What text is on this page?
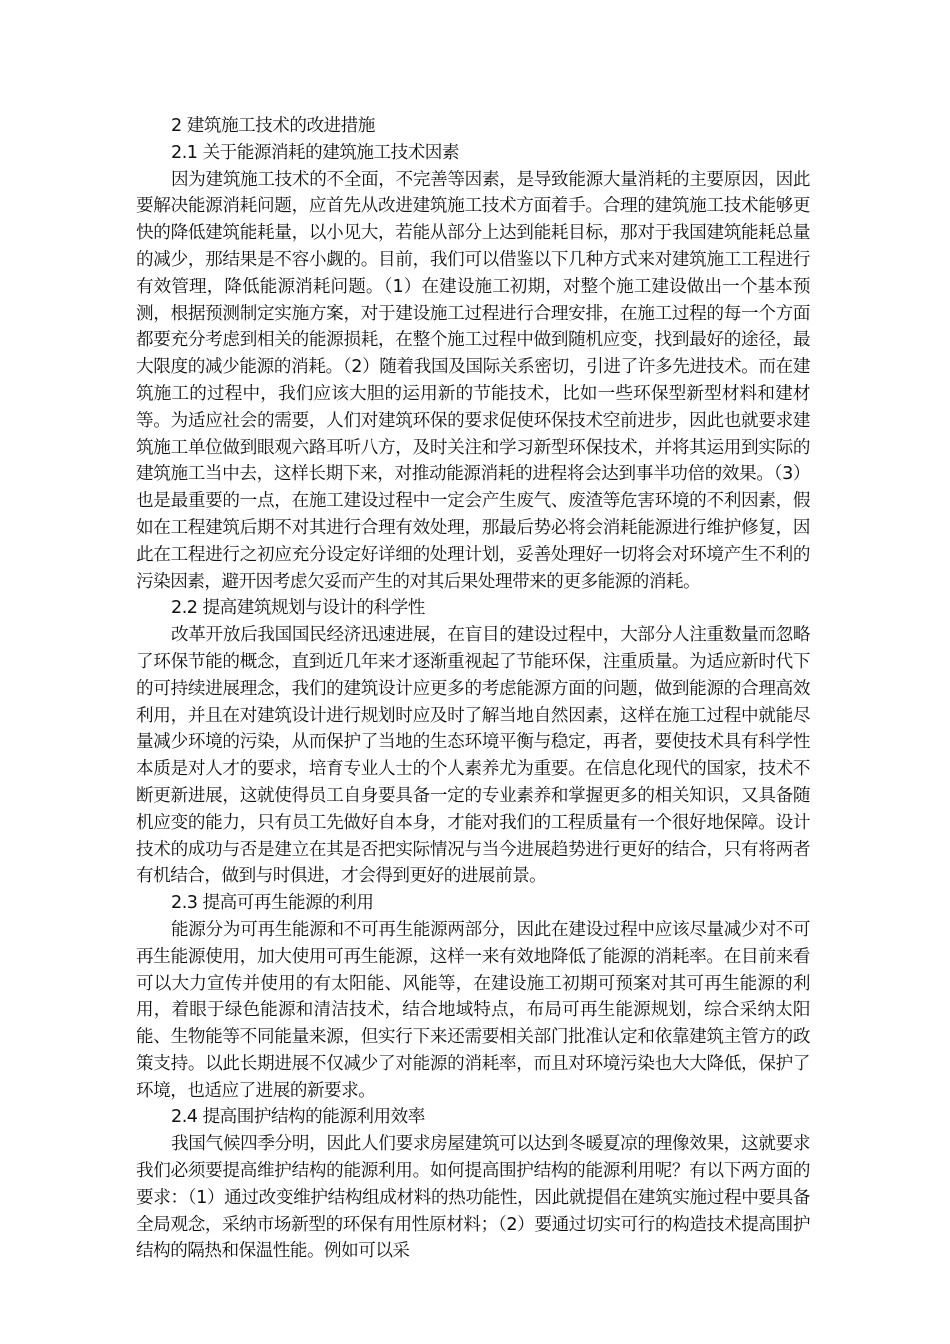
2 建筑施工技术的改进措施
2.1 关于能源消耗的建筑施工技术因素

因为建筑施工技术的不全面，不完善等因素，是导致能源大量消耗的主要原因，因此要解决能源消耗问题，应首先从改进建筑施工技术方面着手。合理的建筑施工技术能够更快的降低建筑能耗量，以小见大，若能从部分上达到能耗目标，那对于我国建筑能耗总量的减少，那结果是不容小觑的。目前，我们可以借鉴以下几种方式来对建筑施工工程进行有效管理，降低能源消耗问题。（1）在建设施工初期，对整个施工建设做出一个基本预测，根据预测制定实施方案，对于建设施工过程进行合理安排，在施工过程的每一个方面都要充分考虑到相关的能源损耗，在整个施工过程中做到随机应变，找到最好的途径，最大限度的减少能源的消耗。（2）随着我国及国际关系密切，引进了许多先进技术。而在建筑施工的过程中，我们应该大胆的运用新的节能技术，比如一些环保型新型材料和建材等。为适应社会的需要，人们对建筑环保的要求促使环保技术空前进步，因此也就要求建筑施工单位做到眼观六路耳听八方，及时关注和学习新型环保技术，并将其运用到实际的建筑施工当中去，这样长期下来，对推动能源消耗的进程将会达到事半功倍的效果。（3）也是最重要的一点，在施工建设过程中一定会产生废气、废渣等危害环境的不利因素，假如在工程建筑后期不对其进行合理有效处理，那最后势必将会消耗能源进行维护修复，因此在工程进行之初应充分设定好详细的处理计划，妥善处理好一切将会对环境产生不利的污染因素，避开因考虑欠妥而产生的对其后果处理带来的更多能源的消耗。

2.2 提高建筑规划与设计的科学性

改革开放后我国国民经济迅速进展，在盲目的建设过程中，大部分人注重数量而忽略了环保节能的概念，直到近几年来才逐渐重视起了节能环保，注重质量。为适应新时代下的可持续进展理念，我们的建筑设计应更多的考虑能源方面的问题，做到能源的合理高效利用，并且在对建筑设计进行规划时应及时了解当地自然因素，这样在施工过程中就能尽量减少环境的污染，从而保护了当地的生态环境平衡与稳定，再者，要使技术具有科学性本质是对人才的要求，培育专业人士的个人素养尤为重要。在信息化现代的国家，技术不断更新进展，这就使得员工自身要具备一定的专业素养和掌握更多的相关知识，又具备随机应变的能力，只有员工先做好自本身，才能对我们的工程质量有一个很好地保障。设计技术的成功与否是建立在其是否把实际情况与当今进展趋势进行更好的结合，只有将两者有机结合，做到与时俱进，才会得到更好的进展前景。

2.3 提高可再生能源的利用

能源分为可再生能源和不可再生能源两部分，因此在建设过程中应该尽量减少对不可再生能源使用，加大使用可再生能源，这样一来有效地降低了能源的消耗率。在目前来看可以大力宣传并使用的有太阳能、风能等，在建设施工初期可预案对其可再生能源的利用，着眼于绿色能源和清洁技术，结合地域特点，布局可再生能源规划，综合采纳太阳能、生物能等不同能量来源，但实行下来还需要相关部门批准认定和依靠建筑主管方的政策支持。以此长期进展不仅减少了对能源的消耗率，而且对环境污染也大大降低，保护了环境，也适应了进展的新要求。

2.4 提高围护结构的能源利用效率

我国气候四季分明，因此人们要求房屋建筑可以达到冬暖夏凉的理像效果，这就要求我们必须要提高维护结构的能源利用。如何提高围护结构的能源利用呢？有以下两方面的要求：（1）通过改变维护结构组成材料的热功能性，因此就提倡在建筑实施过程中要具备全局观念，采纳市场新型的环保有用性原材料；（2）要通过切实可行的构造技术提高围护结构的隔热和保温性能。例如可以采
